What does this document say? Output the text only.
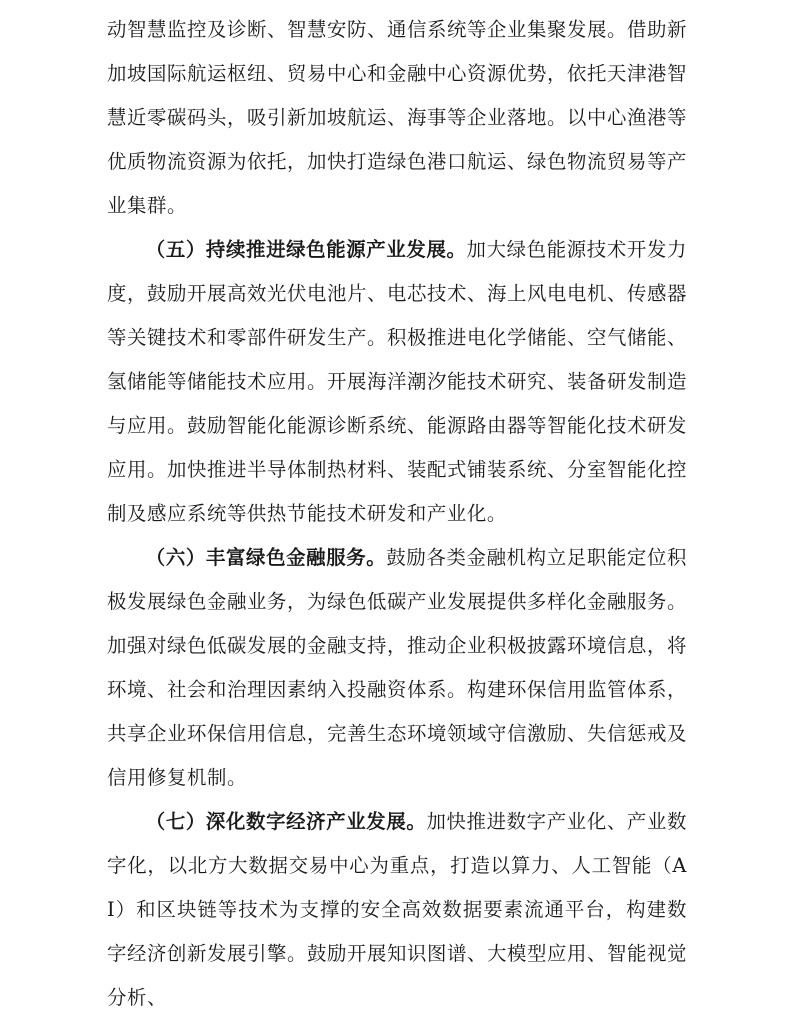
动智慧监控及诊断、智慧安防、通信系统等企业集聚发展。借助新加坡国际航运枢纽、贸易中心和金融中心资源优势，依托天津港智慧近零碳码头，吸引新加坡航运、海事等企业落地。以中心渔港等优质物流资源为依托，加快打造绿色港口航运、绿色物流贸易等产业集群。

（五）持续推进绿色能源产业发展。加大绿色能源技术开发力度，鼓励开展高效光伏电池片、电芯技术、海上风电电机、传感器等关键技术和零部件研发生产。积极推进电化学储能、空气储能、氢储能等储能技术应用。开展海洋潮汐能技术研究、装备研发制造与应用。鼓励智能化能源诊断系统、能源路由器等智能化技术研发应用。加快推进半导体制热材料、装配式铺装系统、分室智能化控制及感应系统等供热节能技术研发和产业化。

（六）丰富绿色金融服务。鼓励各类金融机构立足职能定位积极发展绿色金融业务，为绿色低碳产业发展提供多样化金融服务。加强对绿色低碳发展的金融支持，推动企业积极披露环境信息，将环境、社会和治理因素纳入投融资体系。构建环保信用监管体系，共享企业环保信用信息，完善生态环境领域守信激励、失信惩戒及信用修复机制。

（七）深化数字经济产业发展。加快推进数字产业化、产业数字化，以北方大数据交易中心为重点，打造以算力、人工智能（AI）和区块链等技术为支撑的安全高效数据要素流通平台，构建数字经济创新发展引擎。鼓励开展知识图谱、大模型应用、智能视觉分析、
